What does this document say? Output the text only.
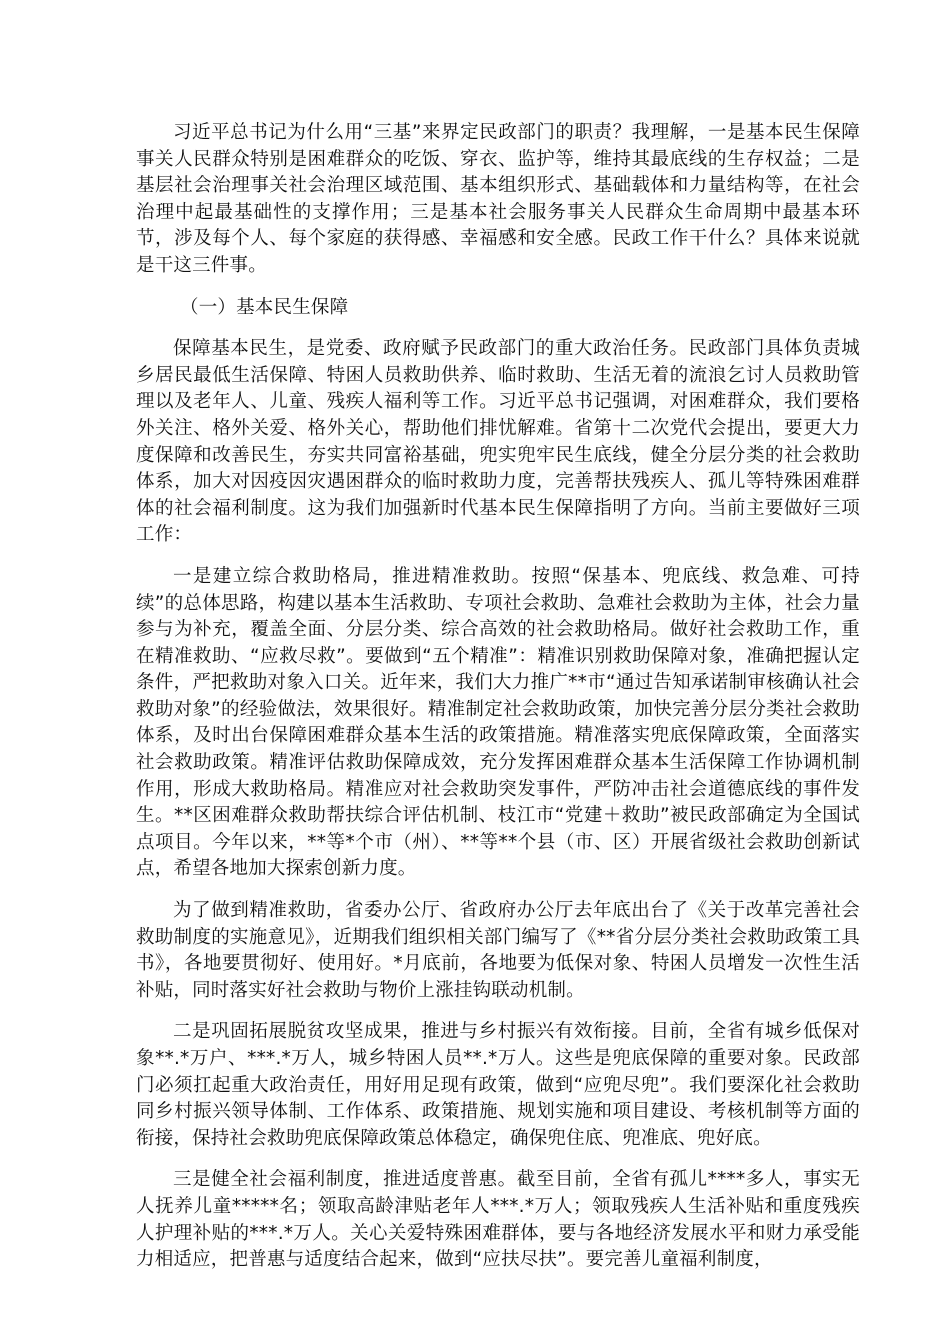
习近平总书记为什么用“三基”来界定民政部门的职责？我理解，一是基本民生保障事关人民群众特别是困难群众的吃饭、穿衣、监护等，维持其最底线的生存权益；二是基层社会治理事关社会治理区域范围、基本组织形式、基础载体和力量结构等，在社会治理中起最基础性的支撑作用；三是基本社会服务事关人民群众生命周期中最基本环节，涉及每个人、每个家庭的获得感、幸福感和安全感。民政工作干什么？具体来说就是干这三件事。

（一）基本民生保障

保障基本民生，是党委、政府赋予民政部门的重大政治任务。民政部门具体负责城乡居民最低生活保障、特困人员救助供养、临时救助、生活无着的流浪乞讨人员救助管理以及老年人、儿童、残疾人福利等工作。习近平总书记强调，对困难群众，我们要格外关注、格外关爱、格外关心，帮助他们排忧解难。省第十二次党代会提出，要更大力度保障和改善民生，夯实共同富裕基础，兜实兜牢民生底线，健全分层分类的社会救助体系，加大对因疫因灾遇困群众的临时救助力度，完善帮扶残疾人、孤儿等特殊困难群体的社会福利制度。这为我们加强新时代基本民生保障指明了方向。当前主要做好三项工作：

一是建立综合救助格局，推进精准救助。按照“保基本、兜底线、救急难、可持续”的总体思路，构建以基本生活救助、专项社会救助、急难社会救助为主体，社会力量参与为补充，覆盖全面、分层分类、综合高效的社会救助格局。做好社会救助工作，重在精准救助、“应救尽救”。要做到“五个精准”：精准识别救助保障对象，准确把握认定条件，严把救助对象入口关。近年来，我们大力推广**市“通过告知承诺制审核确认社会救助对象”的经验做法，效果很好。精准制定社会救助政策，加快完善分层分类社会救助体系，及时出台保障困难群众基本生活的政策措施。精准落实兜底保障政策，全面落实社会救助政策。精准评估救助保障成效，充分发挥困难群众基本生活保障工作协调机制作用，形成大救助格局。精准应对社会救助突发事件，严防冲击社会道德底线的事件发生。**区困难群众救助帮扶综合评估机制、枝江市“党建＋救助”被民政部确定为全国试点项目。今年以来，**等*个市（州）、**等**个县（市、区）开展省级社会救助创新试点，希望各地加大探索创新力度。

为了做到精准救助，省委办公厅、省政府办公厅去年底出台了《关于改革完善社会救助制度的实施意见》，近期我们组织相关部门编写了《**省分层分类社会救助政策工具书》，各地要贯彻好、使用好。*月底前，各地要为低保对象、特困人员增发一次性生活补贴，同时落实好社会救助与物价上涨挂钩联动机制。

二是巩固拓展脱贫攻坚成果，推进与乡村振兴有效衔接。目前，全省有城乡低保对象**.*万户、***.*万人，城乡特困人员**.*万人。这些是兜底保障的重要对象。民政部门必须扛起重大政治责任，用好用足现有政策，做到“应兜尽兜”。我们要深化社会救助同乡村振兴领导体制、工作体系、政策措施、规划实施和项目建设、考核机制等方面的衔接，保持社会救助兜底保障政策总体稳定，确保兜住底、兜准底、兜好底。

三是健全社会福利制度，推进适度普惠。截至目前，全省有孤儿****多人，事实无人抚养儿童*****名；领取高龄津贴老年人***.*万人；领取残疾人生活补贴和重度残疾人护理补贴的***.*万人。关心关爱特殊困难群体，要与各地经济发展水平和财力承受能力相适应，把普惠与适度结合起来，做到“应扶尽扶”。要完善儿童福利制度，
